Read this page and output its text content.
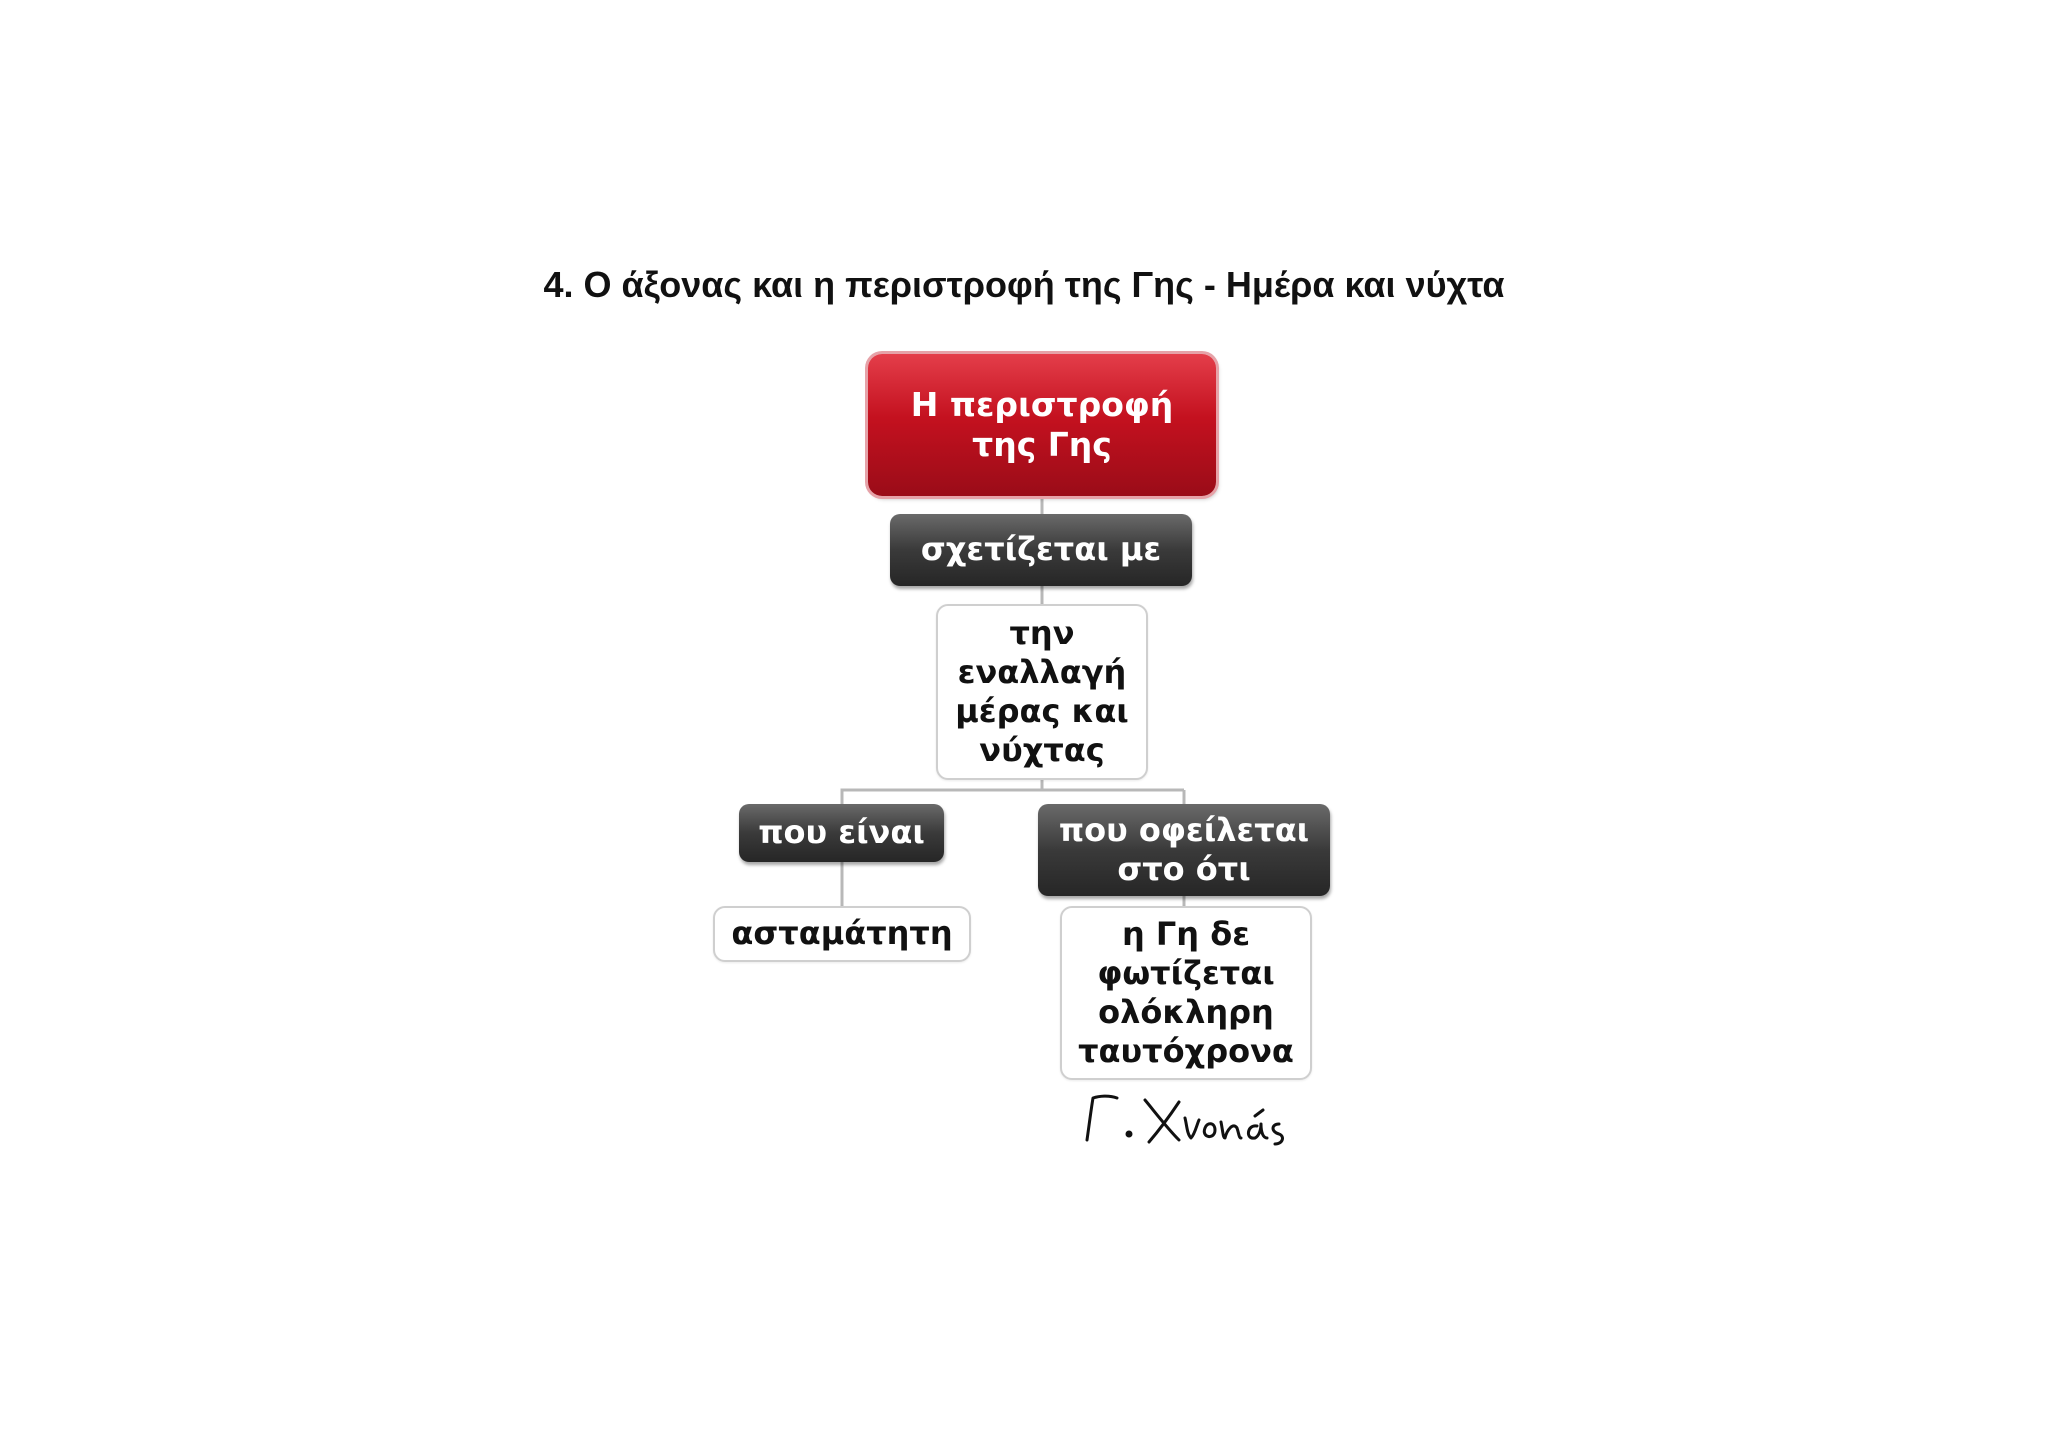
4. Ο άξονας και η περιστροφή της Γης - Ημέρα και νύχτα
Η περιστροφή
της Γης
σχετίζεται με
την
εναλλαγή
μέρας και
νύχτας
που είναι	που οφείλεται
στο ότι
ασταμάτητη	η Γη δε
φωτίζεται
ολόκληρη
ταυτόχρονα
